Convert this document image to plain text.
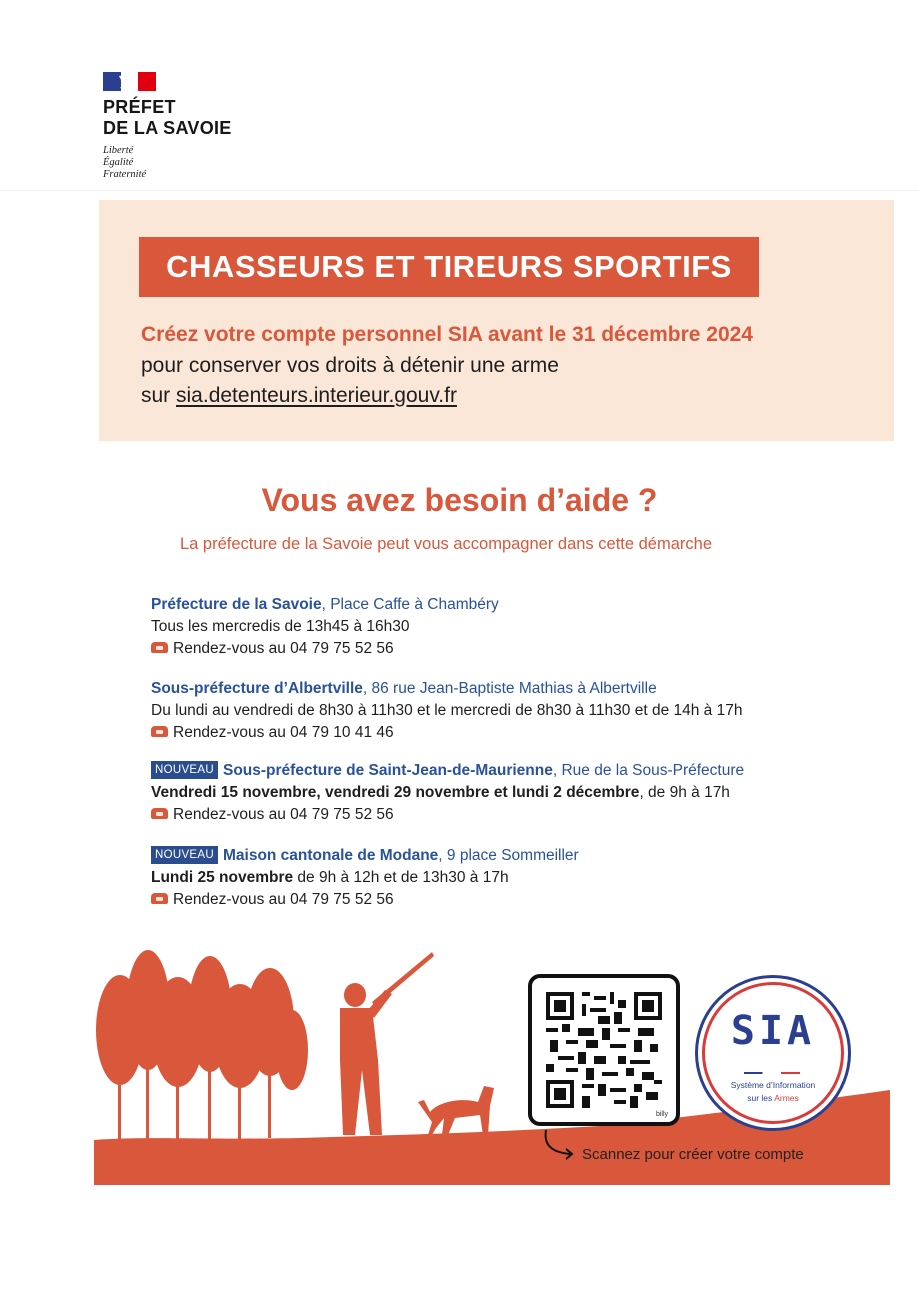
PRÉFET
DE LA SAVOIE
Liberté
Égalité
Fraternité
CHASSEURS ET TIREURS SPORTIFS
Créez votre compte personnel SIA avant le 31 décembre 2024
pour conserver vos droits à détenir une arme
sur sia.detenteurs.interieur.gouv.fr
Vous avez besoin d’aide ?
La préfecture de la Savoie peut vous accompagner dans cette démarche
Préfecture de la Savoie, Place Caffe à Chambéry
Tous les mercredis de 13h45 à 16h30
Rendez-vous au 04 79 75 52 56
Sous-préfecture d’Albertville, 86 rue Jean-Baptiste Mathias à Albertville
Du lundi au vendredi de 8h30 à 11h30 et le mercredi de 8h30 à 11h30 et de 14h à 17h
Rendez-vous au 04 79 10 41 46
NOUVEAU Sous-préfecture de Saint-Jean-de-Maurienne, Rue de la Sous-Préfecture
Vendredi 15 novembre, vendredi 29 novembre et lundi 2 décembre, de 9h à 17h
Rendez-vous au 04 79 75 52 56
NOUVEAU Maison cantonale de Modane, 9 place Sommeiller
Lundi 25 novembre de 9h à 12h et de 13h30 à 17h
Rendez-vous au 04 79 75 52 56
billy
Scannez pour créer votre compte
SIA
Système d’Information
sur les Armes
